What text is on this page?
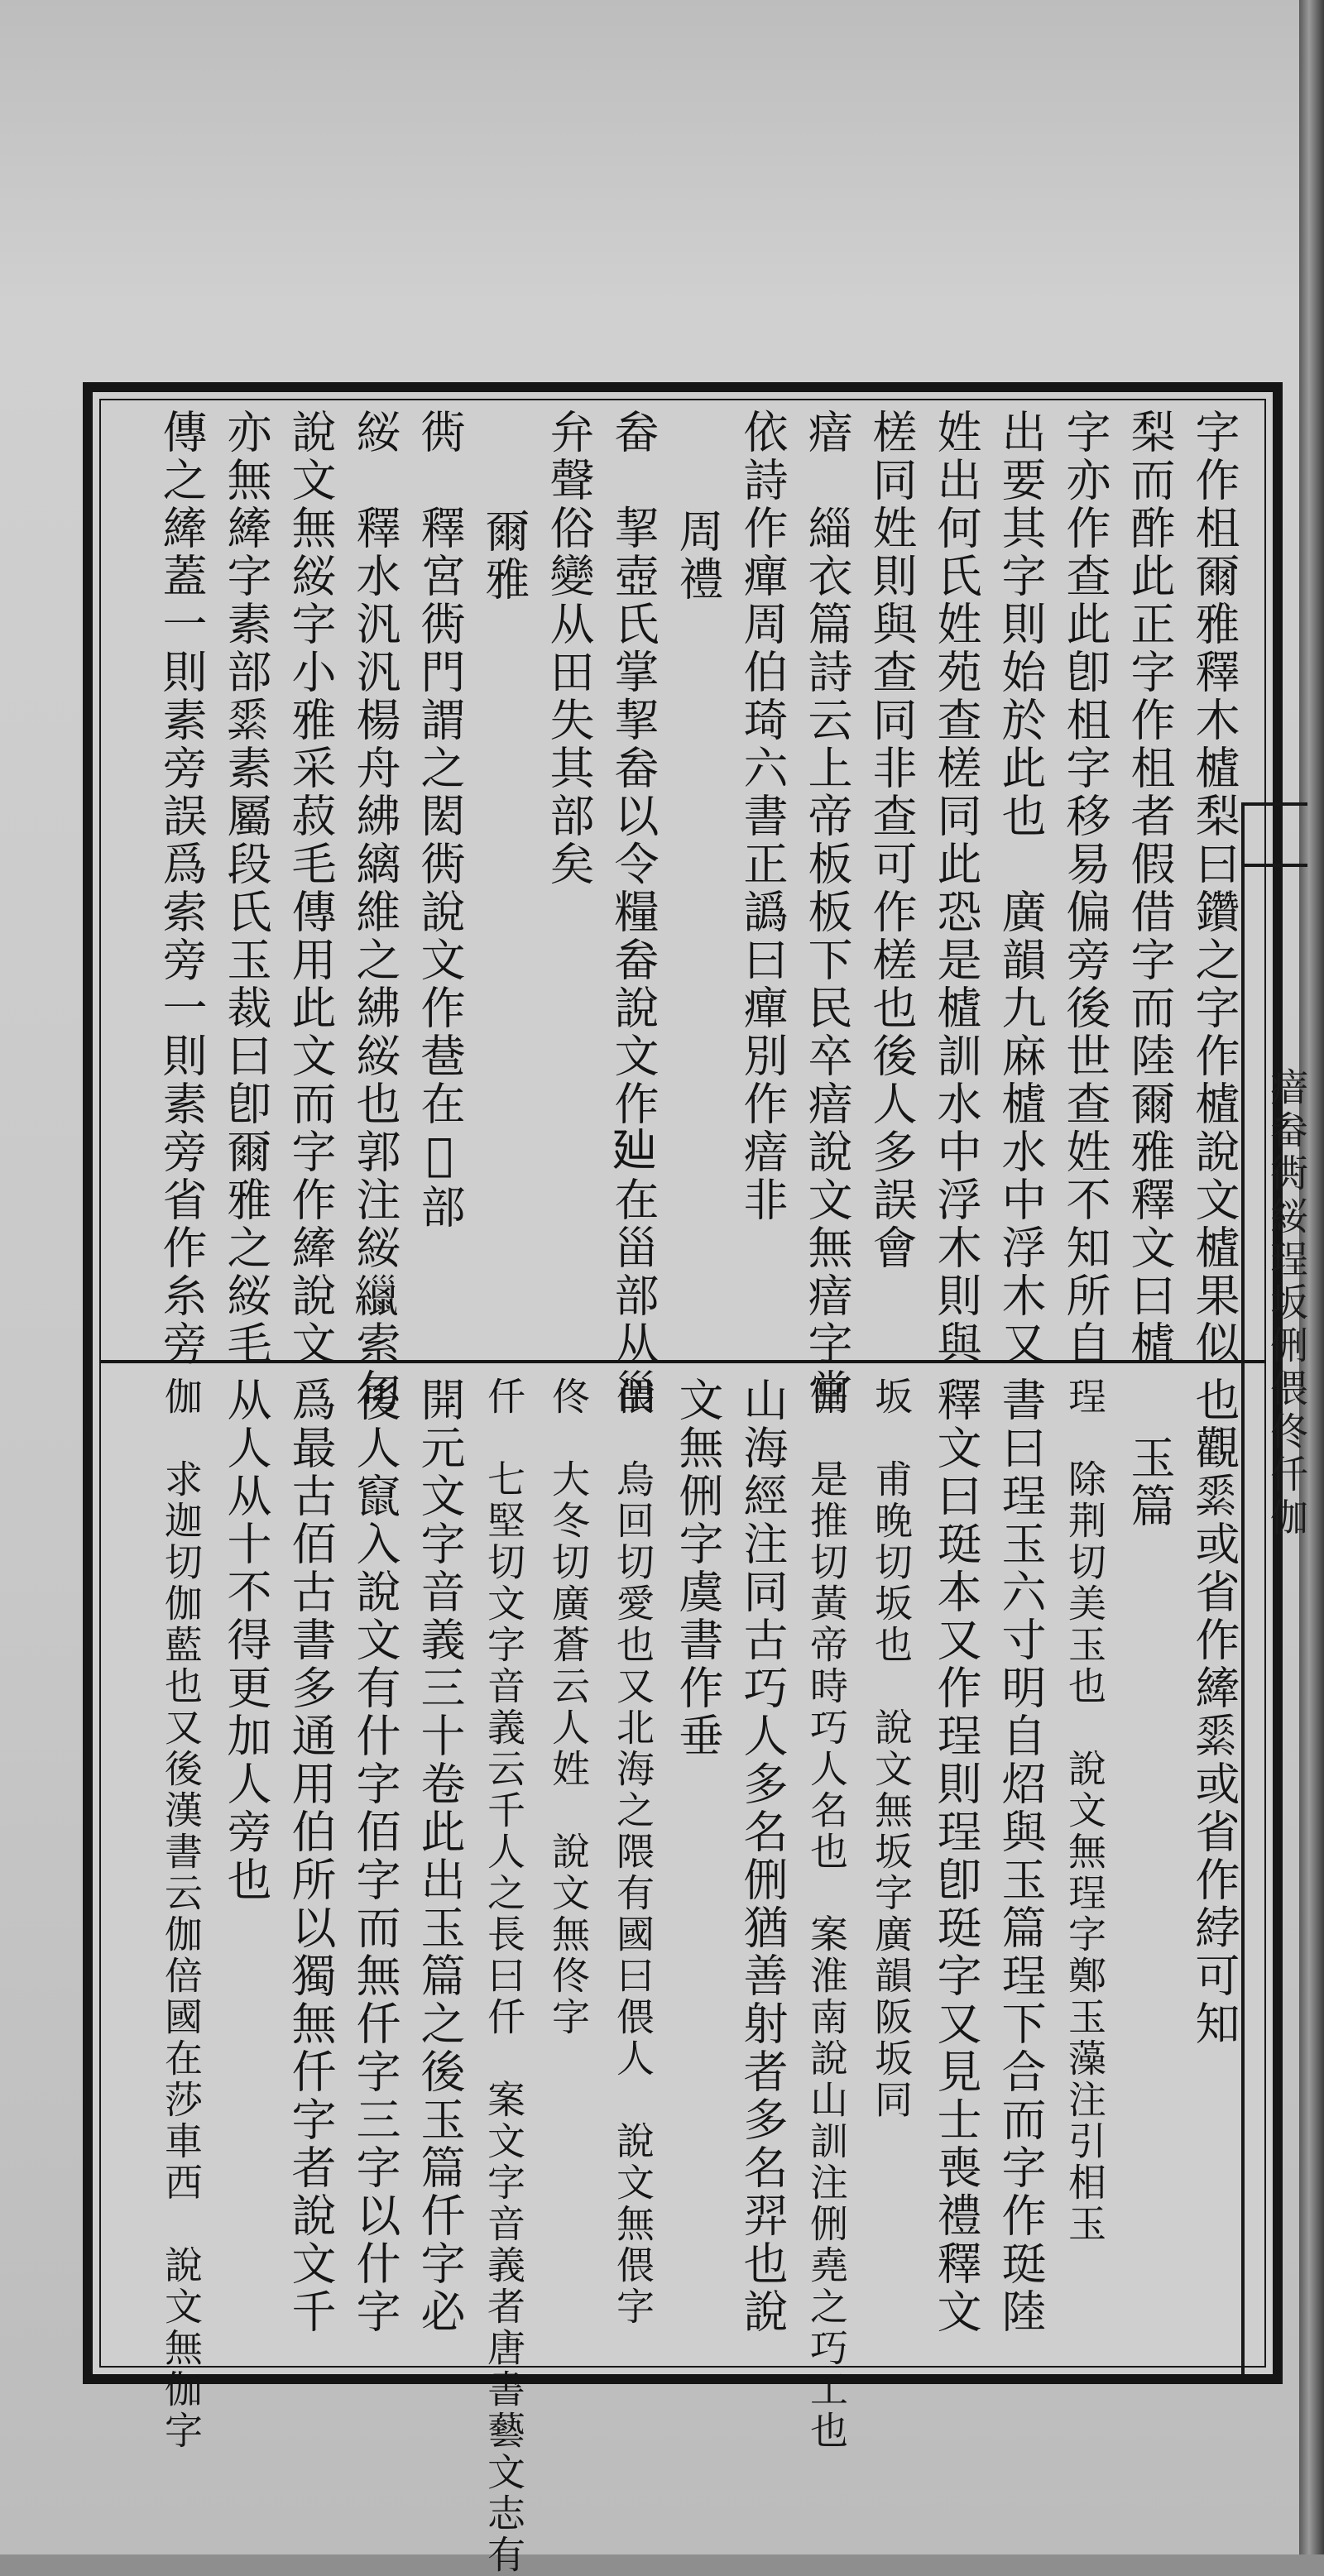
字作柤爾雅釋木樝梨曰鑽之字作樝說文樝果似
梨而酢此正字作柤者假借字而陸爾雅釋文曰樝
字亦作查此卽柤字移易偏旁後世查姓不知所自
出要其字則始於此也　廣韻九麻樝水中浮木又
姓出何氏姓苑查槎同此恐是樝訓水中浮木則與
槎同姓則與查同非查可作槎也後人多誤會
瘖　緇衣篇詩云上帝板板下民卒瘖說文無瘖字當
依詩作癉周伯琦六書正譌曰癉別作瘖非
周禮
畚　挈壺氏掌挈畚以令糧畚說文作𢌚在甾部从甾
弁聲俗變从田失其部矣
爾雅
衖　釋宮衖門謂之閎衖說文作䢽在𨞏部
䋝　釋水汎汎楊舟紼縭維之紼䋝也郭注䋝𦆻索句
說文無䋝字小雅采菽毛傳用此文而字作縴說文
亦無縴字素部𦃃素屬段氏玉裁曰卽爾雅之䋝毛
傳之縴蓋一則素旁誤爲索旁一則素旁省作糸旁
也觀𦃃或省作縴𦃃或省作綍可知
玉篇
珵　除荆切美玉也　說文無珵字鄭玉藻注引相玉
書曰珵玉六寸明自炤與玉篇珵下合而字作珽陸
釋文曰珽本又作珵則珵卽珽字又見士喪禮釋文
坂　甫晚切坂也　說文無坂字廣韻阪坂同
侀　是推切黃帝時巧人名也　案淮南說山訓注侀堯之巧工也
山海經注同古巧人多名侀猶善射者多名羿也說
文無侀字虞書作垂
偎　烏回切愛也又北海之隈有國曰偎人　說文無偎字
佟　大冬切廣蒼云人姓　說文無佟字
仟　七堅切文字音義云千人之長曰仟　案文字音義者唐書藝文志有
開元文字音義三十卷此出玉篇之後玉篇仟字必
後人竄入說文有什字佰字而無仟字三字以什字
爲最古佰古書多通用伯所以獨無仟字者說文千
从人从十不得更加人旁也
伽　求迦切伽藍也又後漢書云伽倍國在莎車西　說文無伽字
瘖畚衖䋝珵坂侀偎佟仟伽
